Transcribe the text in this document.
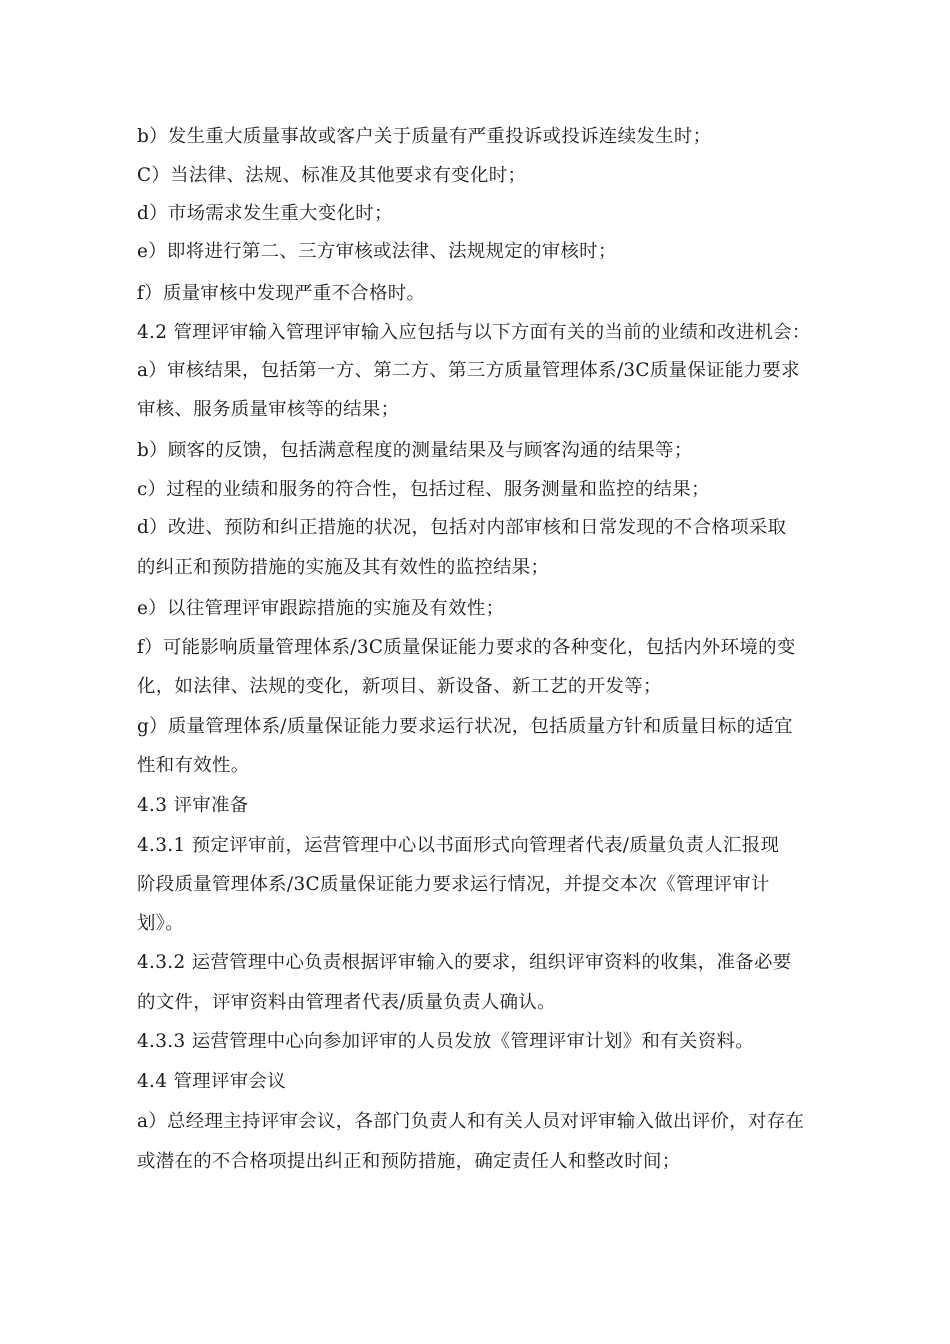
b）发生重大质量事故或客户关于质量有严重投诉或投诉连续发生时；
C）当法律、法规、标准及其他要求有变化时；
d）市场需求发生重大变化时；
e）即将进行第二、三方审核或法律、法规规定的审核时；
f）质量审核中发现严重不合格时。
4.2 管理评审输入管理评审输入应包括与以下方面有关的当前的业绩和改进机会：
a）审核结果，包括第一方、第二方、第三方质量管理体系/3C质量保证能力要求
审核、服务质量审核等的结果；
b）顾客的反馈，包括满意程度的测量结果及与顾客沟通的结果等；
c）过程的业绩和服务的符合性，包括过程、服务测量和监控的结果；
d）改进、预防和纠正措施的状况，包括对内部审核和日常发现的不合格项采取
的纠正和预防措施的实施及其有效性的监控结果；
e）以往管理评审跟踪措施的实施及有效性；
f）可能影响质量管理体系/3C质量保证能力要求的各种变化，包括内外环境的变
化，如法律、法规的变化，新项目、新设备、新工艺的开发等；
g）质量管理体系/质量保证能力要求运行状况，包括质量方针和质量目标的适宜
性和有效性。
4.3 评审准备
4.3.1 预定评审前，运营管理中心以书面形式向管理者代表/质量负责人汇报现
阶段质量管理体系/3C质量保证能力要求运行情况，并提交本次《管理评审计
划》。
4.3.2 运营管理中心负责根据评审输入的要求，组织评审资料的收集，准备必要
的文件，评审资料由管理者代表/质量负责人确认。
4.3.3 运营管理中心向参加评审的人员发放《管理评审计划》和有关资料。
4.4 管理评审会议
a）总经理主持评审会议，各部门负责人和有关人员对评审输入做出评价，对存在
或潜在的不合格项提出纠正和预防措施，确定责任人和整改时间；
